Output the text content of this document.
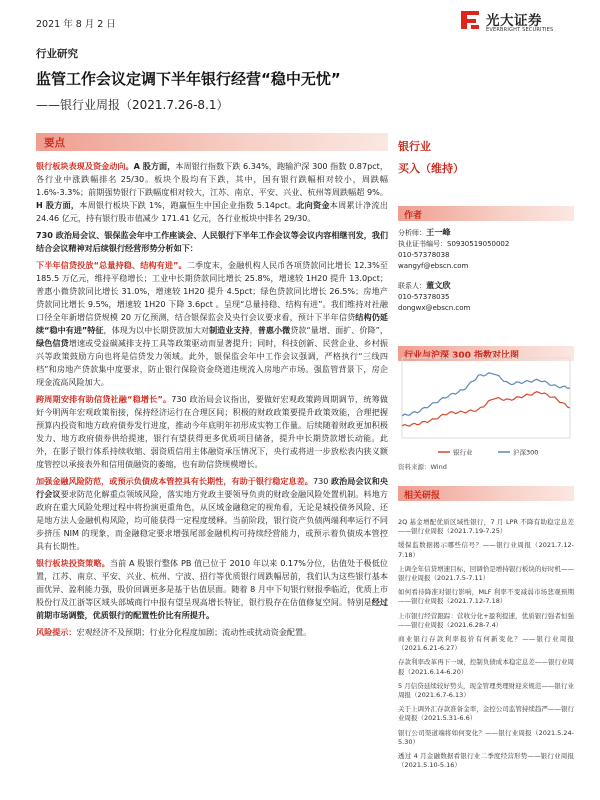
2021 年 8 月 2 日	光大证券
EVERBRIGHT SECURITIES
行业研究
监管工作会议定调下半年银行经营“稳中无忧”
——银行业周报（2021.7.26-8.1）
要点

银行板块表现及资金动向。A 股方面，本周银行指数下跌 6.34%，跑输沪深 300 指数 0.87pct，各行业中涨跌幅排名 25/30。板块个股均有下跌，其中，国有银行跌幅相对较小，周跌幅 1.6%-3.3%；前期强势银行下跌幅度相对较大，江苏、南京、平安、兴业、杭州等周跌幅超 9%。H 股方面，本周银行板块下跌 1%，跑赢恒生中国企业指数 5.14pct。北向资金本周累计净流出 24.46 亿元，持有银行股市值减少 171.41 亿元，各行业板块中排名 29/30。

730 政治局会议、银保监会年中工作座谈会、人民银行下半年工作会议等会议内容相继刊发，我们结合会议精神对后续银行经营形势分析如下：

下半年信贷投放“总量持稳、结构有进”。二季度末，金融机构人民币各项贷款同比增长 12.3%至 185.5 万亿元，维持平稳增长；工业中长期贷款同比增长 25.8%，增速较 1H20 提升 13.0pct；普惠小微贷款同比增长 31.0%，增速较 1H20 提升 4.5pct；绿色贷款同比增长 26.5%；房地产贷款同比增长 9.5%，增速较 1H20 下降 3.6pct 。呈现“总量持稳、结构有进”。我们维持对社融口径全年新增信贷规模 20 万亿预测，结合银保监会及央行会议要求看，预计下半年信贷结构仍延续“稳中有进”特征，体现为以中长期贷款加大对制造业支持，普惠小微贷款“量增、面扩、价降”，绿色信贷增速或受益碳减排支持工具等政策驱动而显著提升；同时，科技创新、民营企业、乡村振兴等政策鼓励方向也将是信贷发力领域。此外，银保监会年中工作会议强调，严格执行“三线四档”和房地产贷款集中度要求，防止银行保险资金绕道违规流入房地产市场。强监管背景下，房企现金流高风险加大。

跨周期安排有助信贷社融“稳增长”。730 政治局会议指出，要做好宏观政策跨周期调节，统筹做好今明两年宏观政策衔接，保持经济运行在合理区间；积极的财政政策要提升政策效能，合理把握预算内投资和地方政府债券发行进度，推动今年底明年初形成实物工作量。后续随着财政更加积极发力、地方政府债券供给提速，银行有望获得更多优质项目储备，提升中长期贷款增长动能。此外，在影子银行体系持续收缩、弱资质信用主体融资承压情况下，央行或将进一步放松表内狭义额度管控以承接表外和信用债融资的萎缩，也有助信贷规模增长。

加强金融风险防范，或预示负债成本管控具有长期性，有助于银行稳定息差。730 政治局会议和央行会议要求防范化解重点领域风险，落实地方党政主要领导负责的财政金融风险处置机制。料地方政府在重大风险处理过程中将扮演更重角色，从区域金融稳定的视角看，无论是城投债务风险、还是地方法人金融机构风险，均可能获得一定程度缓释。当前阶段，银行资产负债两端利率运行不同步挤压 NIM 的现象，而金融稳定要求增强尾部金融机构可持续经营能力，或预示着负债成本管控具有长期性。

银行板块投资策略。当前 A 股银行整体 PB 值已位于 2010 年以来 0.17%分位，估值处于极低位置，江苏、南京、平安、兴业、杭州、宁波、招行等优质银行周跌幅居前，我们认为这些银行基本面优异、盈利能力强，股价回调更多是基于估值层面。随着 8 月中下旬银行财报季临近，优质上市股份行及江浙等区域头部城商行中报有望呈现高增长特征，银行股存在估值修复空间。特别是经过前期市场调整，优质银行的配置性价比有所提升。

风险提示：宏观经济不及预期；行业分化程度加剧；流动性或扰动资金配置。

银行业
买入（维持）
作者
分析师：王一峰
执业证书编号：S0930519050002
010-57378038
wangyf@ebscn.com
联系人：董文欣
010-57378035
dongwx@ebscn.com
行业与沪深 300 指数对比图
银行业	沪深300
资料来源：Wind
相关研报
2Q 基金增配优质区域性银行，7 月 LPR 不降有助稳定息差——银行业周报（2021.7.19-7.25）
缓保监数据揭示哪些信号？——银行业周报（2021.7.12-7.18）
上调全年信贷增速目标，回调恰是增持银行板块的好时机——银行业周报（2021.7.5-7.11）
如何看待降准对银行影响，MLF 利率不变减弱市场悲观预期——银行业周报（2021.7.12-7.18）
上市银行经营跟踪：营收分化+盈利提速，优质银行强者恒强——银行业周报（2021.6.28-7.4）
商业银行存款利率报价有何新变化？——银行业周报（2021.6.21-6.27）
存款利率改革再下一城，控制负债成本稳定息差——银行业周报（2021.6.14-6.20）
5 月信贷延续较好势头，现金管理类理财迎来规范——银行业周报（2021.6.7-6.13）
关于上调外汇存款准备金率，金控公司监管持续趋严——银行业周报（2021.5.31-6.6）
银行公司渠道端将如何变化？——银行业周报（2021.5.24-5.30）
透过 4 月金融数据看银行业二季度经营形势——银行业周报（2021.5.10-5.16）
